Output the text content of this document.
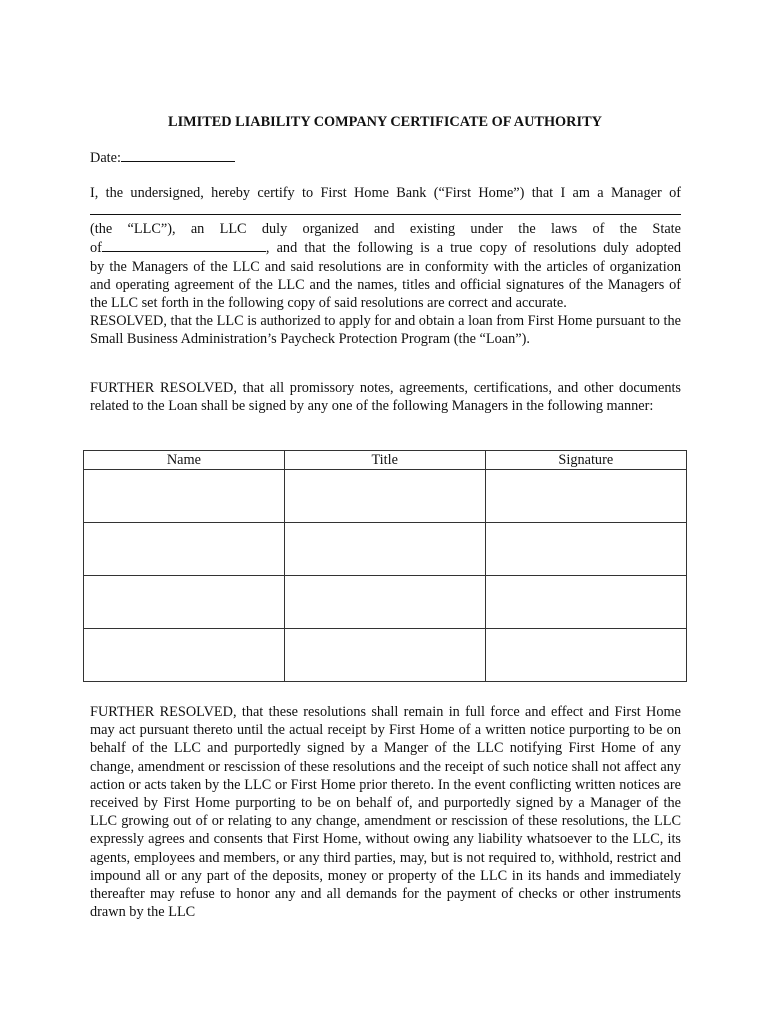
LIMITED LIABILITY COMPANY CERTIFICATE OF AUTHORITY
Date:
I, the undersigned, hereby certify to First Home Bank (“First Home”) that I am a Manager of
(the “LLC”), an LLC duly organized and existing under the laws of the State
of	, and that the following is a true copy of resolutions duly adopted
by the Managers of the LLC and said resolutions are in conformity with the articles of organization and operating agreement of the LLC and the names, titles and official signatures of the Managers of the LLC set forth in the following copy of said resolutions are correct and accurate.
RESOLVED, that the LLC is authorized to apply for and obtain a loan from First Home pursuant to the Small Business Administration’s Paycheck Protection Program (the “Loan”).
FURTHER RESOLVED, that all promissory notes, agreements, certifications, and other documents related to the Loan shall be signed by any one of the following Managers in the following manner:
Name	Title	Signature

FURTHER RESOLVED, that these resolutions shall remain in full force and effect and First Home may act pursuant thereto until the actual receipt by First Home of a written notice purporting to be on behalf of the LLC and purportedly signed by a Manger of the LLC notifying First Home of any change, amendment or rescission of these resolutions and the receipt of such notice shall not affect any action or acts taken by the LLC or First Home prior thereto. In the event conflicting written notices are received by First Home purporting to be on behalf of, and purportedly signed by a Manager of the LLC growing out of or relating to any change, amendment or rescission of these resolutions, the LLC expressly agrees and consents that First Home, without owing any liability whatsoever to the LLC, its agents, employees and members, or any third parties, may, but is not required to, withhold, restrict and impound all or any part of the deposits, money or property of the LLC in its hands and immediately thereafter may refuse to honor any and all demands for the payment of checks or other instruments drawn by the LLC
